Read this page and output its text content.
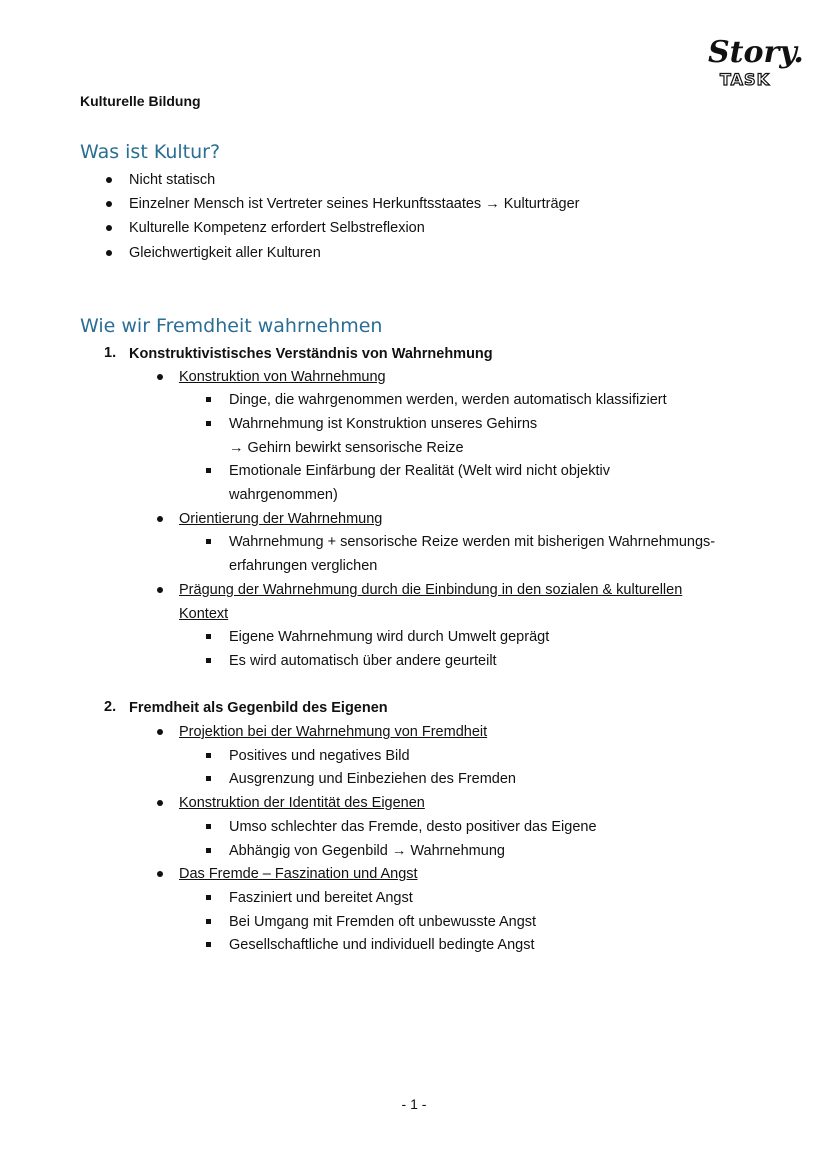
Story.
TASK
Kulturelle Bildung
Was ist Kultur?
Nicht statisch
Einzelner Mensch ist Vertreter seines Herkunftsstaates → Kulturträger
Kulturelle Kompetenz erfordert Selbstreflexion
Gleichwertigkeit aller Kulturen
Wie wir Fremdheit wahrnehmen
1. Konstruktivistisches Verständnis von Wahrnehmung
Konstruktion von Wahrnehmung
Dinge, die wahrgenommen werden, werden automatisch klassifiziert
Wahrnehmung ist Konstruktion unseres Gehirns
→ Gehirn bewirkt sensorische Reize
Emotionale Einfärbung der Realität (Welt wird nicht objektiv
wahrgenommen)
Orientierung der Wahrnehmung
Wahrnehmung + sensorische Reize werden mit bisherigen Wahrnehmungs-
erfahrungen verglichen
Prägung der Wahrnehmung durch die Einbindung in den sozialen & kulturellen
Kontext
Eigene Wahrnehmung wird durch Umwelt geprägt
Es wird automatisch über andere geurteilt
2. Fremdheit als Gegenbild des Eigenen
Projektion bei der Wahrnehmung von Fremdheit
Positives und negatives Bild
Ausgrenzung und Einbeziehen des Fremden
Konstruktion der Identität des Eigenen
Umso schlechter das Fremde, desto positiver das Eigene
Abhängig von Gegenbild → Wahrnehmung
Das Fremde – Faszination und Angst
Fasziniert und bereitet Angst
Bei Umgang mit Fremden oft unbewusste Angst
Gesellschaftliche und individuell bedingte Angst
- 1 -
